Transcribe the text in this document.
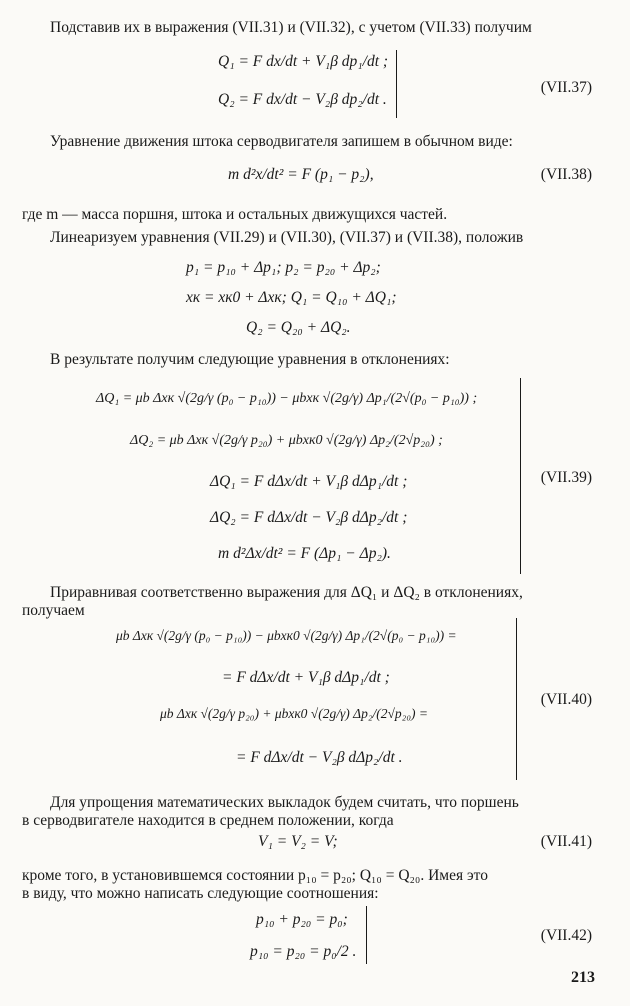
Подставив их в выражения (VII.31) и (VII.32), с учетом (VII.33) получим
Q₁ = F dx/dt + V₁β dp₁/dt ;
Q₂ = F dx/dt − V₂β dp₂/dt .
(VII.37)
Уравнение движения штока серводвигателя запишем в обычном виде:
m d²x/dt² = F (p₁ − p₂),	(VII.38)
где m — масса поршня, штока и остальных движущихся частей.
Линеаризуем уравнения (VII.29) и (VII.30), (VII.37) и (VII.38), положив
p₁ = p₁₀ + Δp₁; p₂ = p₂₀ + Δp₂;
xк = xк0 + Δxк; Q₁ = Q₁₀ + ΔQ₁;
Q₂ = Q₂₀ + ΔQ₂.
В результате получим следующие уравнения в отклонениях:
ΔQ₁ = μb Δxк √(2g/γ (p₀ − p₁₀)) − μbxк √(2g/γ) Δp₁/(2√(p₀ − p₁₀)) ;
ΔQ₂ = μb Δxк √(2g/γ p₂₀) + μbxк0 √(2g/γ) Δp₂/(2√p₂₀) ;
ΔQ₁ = F dΔx/dt + V₁β dΔp₁/dt ;
ΔQ₂ = F dΔx/dt − V₂β dΔp₂/dt ;
m d²Δx/dt² = F (Δp₁ − Δp₂).
(VII.39)
Приравнивая соответственно выражения для ΔQ₁ и ΔQ₂ в отклонениях,
получаем
μb Δxк √(2g/γ (p₀ − p₁₀)) − μbxк0 √(2g/γ) Δp₁/(2√(p₀ − p₁₀)) =
= F dΔx/dt + V₁β dΔp₁/dt ;
μb Δxк √(2g/γ p₂₀) + μbxк0 √(2g/γ) Δp₂/(2√p₂₀) =
= F dΔx/dt − V₂β dΔp₂/dt .
(VII.40)
Для упрощения математических выкладок будем считать, что поршень
в серводвигателе находится в среднем положении, когда
V₁ = V₂ = V;	(VII.41)
кроме того, в установившемся состоянии p₁₀ = p₂₀; Q₁₀ = Q₂₀. Имея это
в виду, что можно написать следующие соотношения:
p₁₀ + p₂₀ = p₀;
p₁₀ = p₂₀ = p₀/2 .
(VII.42)
213
